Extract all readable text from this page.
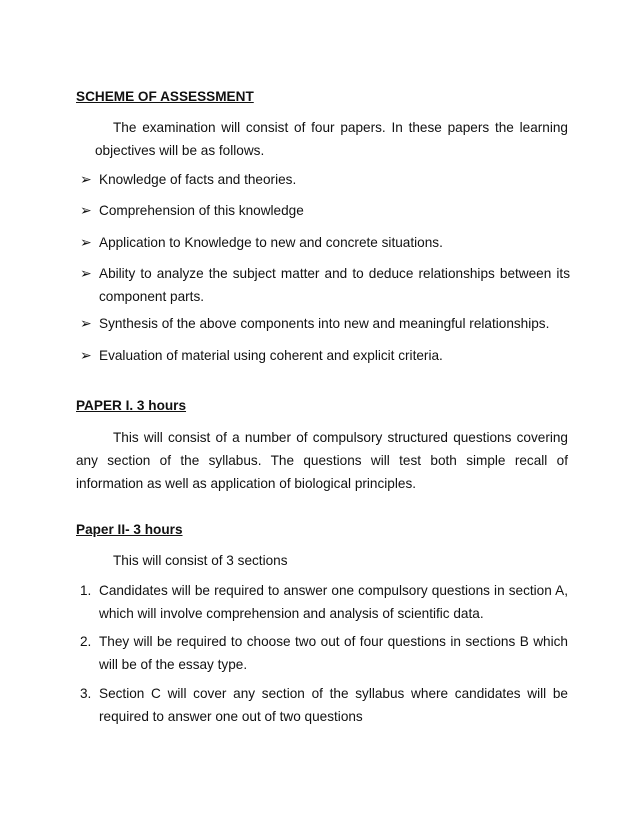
SCHEME OF ASSESSMENT
The examination will consist of four papers. In these papers the learning objectives will be as follows.
➢ Knowledge of facts and theories.
➢ Comprehension of this knowledge
➢ Application to Knowledge to new and concrete situations.
➢ Ability to analyze the subject matter and to deduce relationships between its component parts.
➢ Synthesis of the above components into new and meaningful relationships.
➢ Evaluation of material using coherent and explicit criteria.
PAPER I. 3 hours
This will consist of a number of compulsory structured questions covering any section of the syllabus. The questions will test both simple recall of information as well as application of biological principles.
Paper II- 3 hours
This will consist of 3 sections
1. Candidates will be required to answer one compulsory questions in section A, which will involve comprehension and analysis of scientific data.
2. They will be required to choose two out of four questions in sections B which will be of the essay type.
3. Section C will cover any section of the syllabus where candidates will be required to answer one out of two questions
